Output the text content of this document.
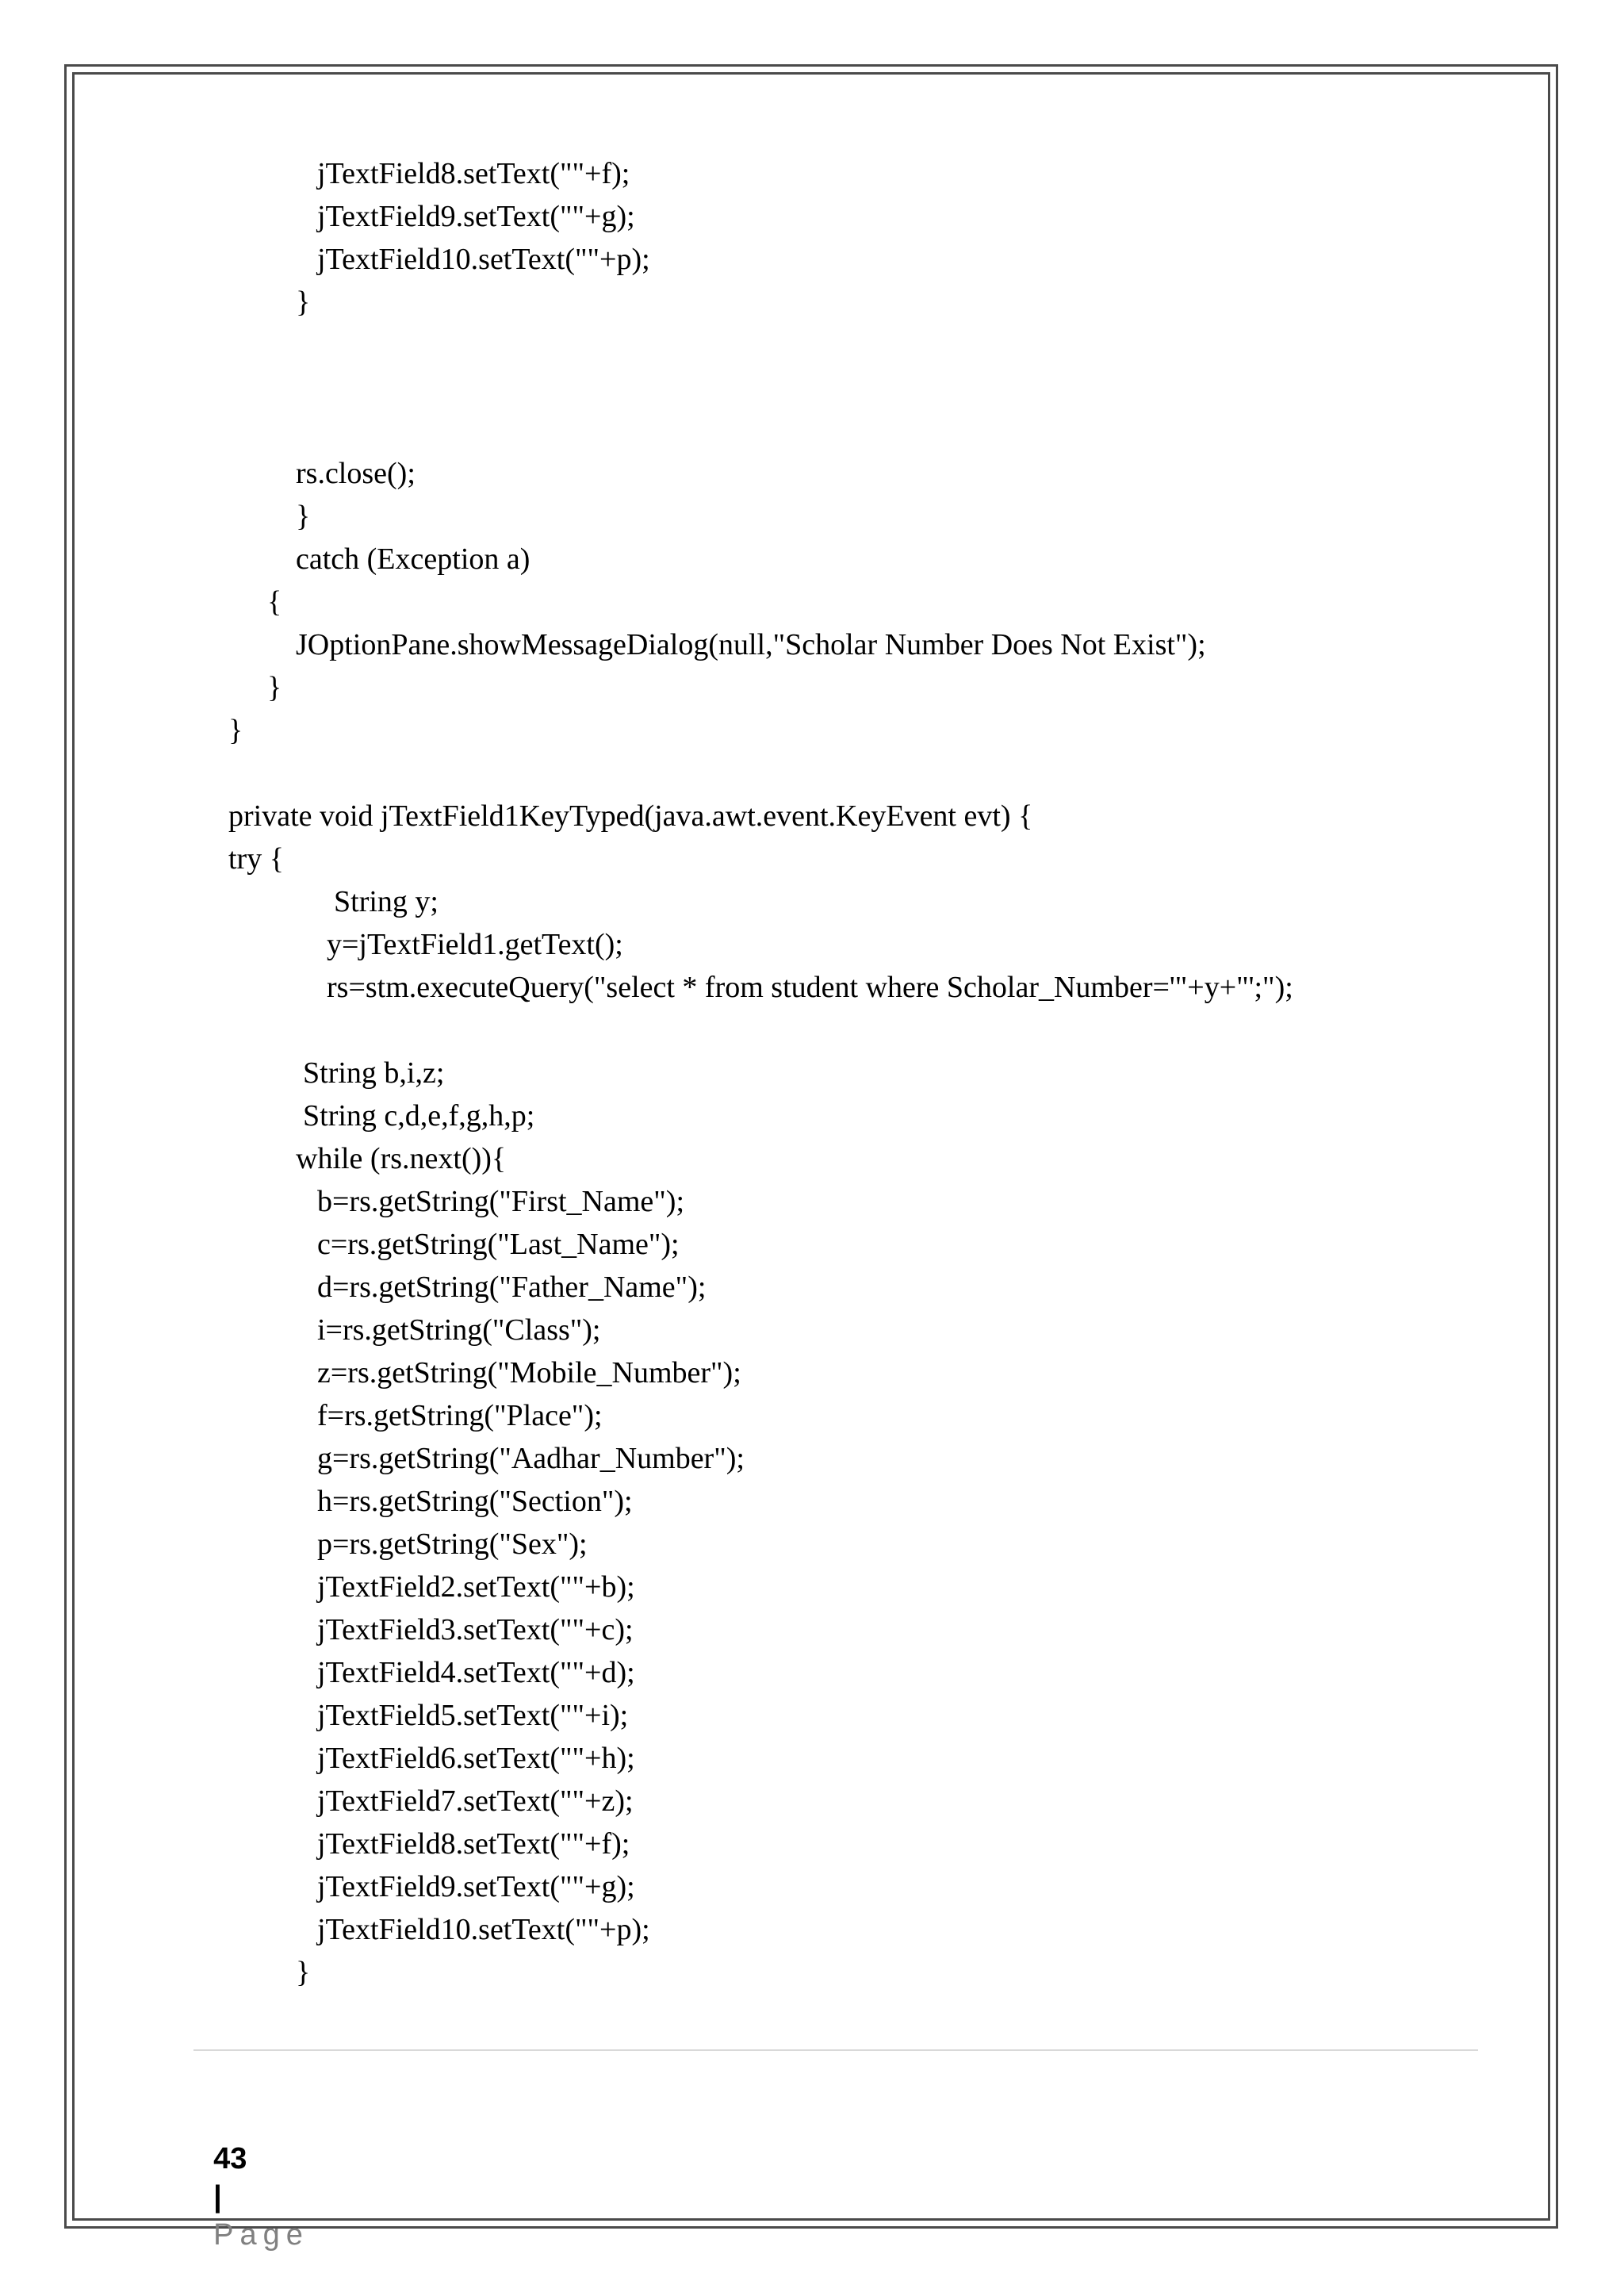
jTextField8.setText(""+f);
jTextField9.setText(""+g);
jTextField10.setText(""+p);
}
rs.close();
}
catch (Exception a)
{
JOptionPane.showMessageDialog(null,"Scholar Number Does Not Exist");
}
}
private void jTextField1KeyTyped(java.awt.event.KeyEvent evt) {
try {
String y;
y=jTextField1.getText();
rs=stm.executeQuery("select * from student where Scholar_Number='"+y+"';");
String b,i,z;
String c,d,e,f,g,h,p;
while (rs.next()){
b=rs.getString("First_Name");
c=rs.getString("Last_Name");
d=rs.getString("Father_Name");
i=rs.getString("Class");
z=rs.getString("Mobile_Number");
f=rs.getString("Place");
g=rs.getString("Aadhar_Number");
h=rs.getString("Section");
p=rs.getString("Sex");
jTextField2.setText(""+b);
jTextField3.setText(""+c);
jTextField4.setText(""+d);
jTextField5.setText(""+i);
jTextField6.setText(""+h);
jTextField7.setText(""+z);
jTextField8.setText(""+f);
jTextField9.setText(""+g);
jTextField10.setText(""+p);
}

43
|
Page
